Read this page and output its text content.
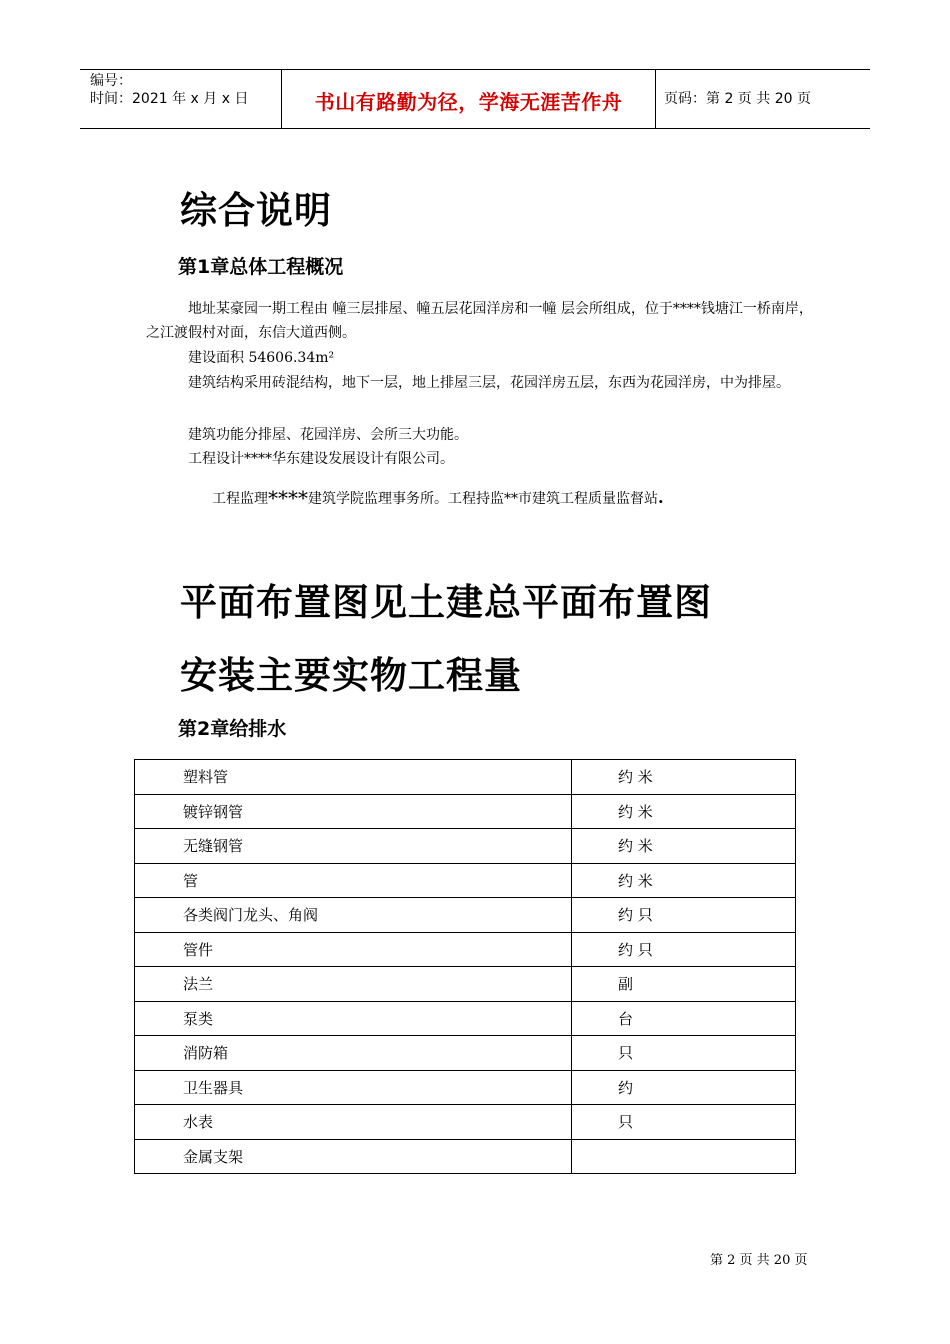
编号：
时间：2021 年 x 月 x 日	书山有路勤为径，学海无涯苦作舟	页码：第 2 页 共 20 页
综合说明
第1章总体工程概况
地址某豪园一期工程由 幢三层排屋、幢五层花园洋房和一幢 层会所组成，位于****钱塘江一桥南岸，之江渡假村对面，东信大道西侧。
建设面积 54606.34m²
建筑结构采用砖混结构，地下一层，地上排屋三层，花园洋房五层，东西为花园洋房，中为排屋。
建筑功能分排屋、花园洋房、会所三大功能。
工程设计****华东建设发展设计有限公司。
工程监理****建筑学院监理事务所。工程持监**市建筑工程质量监督站.
平面布置图见土建总平面布置图
安装主要实物工程量
第2章给排水
塑料管	约 米
镀锌钢管	约 米
无缝钢管	约 米
管	约 米
各类阀门龙头、角阀	约 只
管件	约 只
法兰	副
泵类	台
消防箱	只
卫生器具	约
水表	只
金属支架	
第 2 页 共 20 页
